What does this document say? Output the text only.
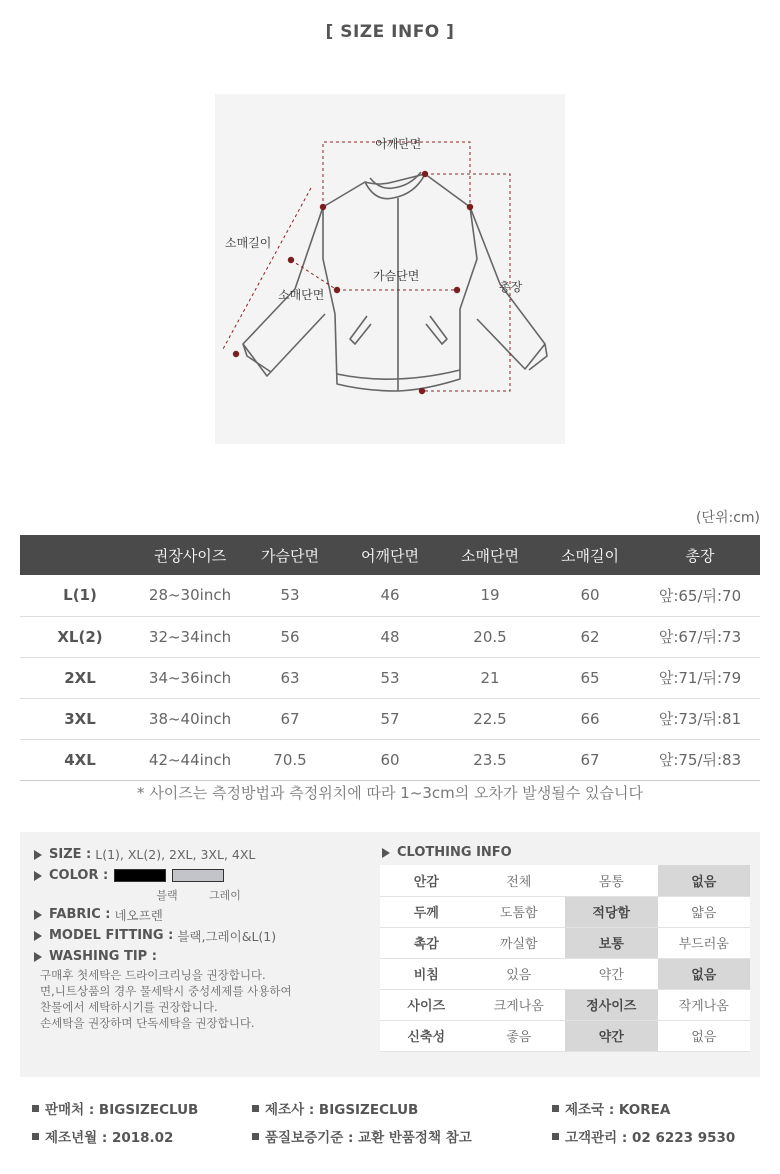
[ SIZE INFO ]
어깨단면
소매길이
가슴단면
소매단면
총장
(단위:cm)
	권장사이즈	가슴단면	어깨단면	소매단면	소매길이	총장
L(1)	28~30inch	53	46	19	60	앞:65/뒤:70
XL(2)	32~34inch	56	48	20.5	62	앞:67/뒤:73
2XL	34~36inch	63	53	21	65	앞:71/뒤:79
3XL	38~40inch	67	57	22.5	66	앞:73/뒤:81
4XL	42~44inch	70.5	60	23.5	67	앞:75/뒤:83
* 사이즈는 측정방법과 측정위치에 따라 1~3cm의 오차가 발생될수 있습니다
SIZE : L(1), XL(2), 2XL, 3XL, 4XL
COLOR :
블랙	그레이
FABRIC : 네오프렌
MODEL FITTING : 블랙,그레이&L(1)
WASHING TIP :
구매후 첫세탁은 드라이크리닝을 권장합니다.
면,니트상품의 경우 물세탁시 중성세제를 사용하여
찬물에서 세탁하시기를 권장합니다.
손세탁을 권장하며 단독세탁을 권장합니다.
CLOTHING INFO
안감	전체	몸통	없음
두께	도톰함	적당함	얇음
촉감	까실함	보통	부드러움
비침	있음	약간	없음
사이즈	크게나옴	정사이즈	작게나옴
신축성	좋음	약간	없음
판매처 : BIGSIZECLUB	제조사 : BIGSIZECLUB	제조국 : KOREA
제조년월 : 2018.02	품질보증기준 : 교환 반품정책 참고	고객관리 : 02 6223 9530
